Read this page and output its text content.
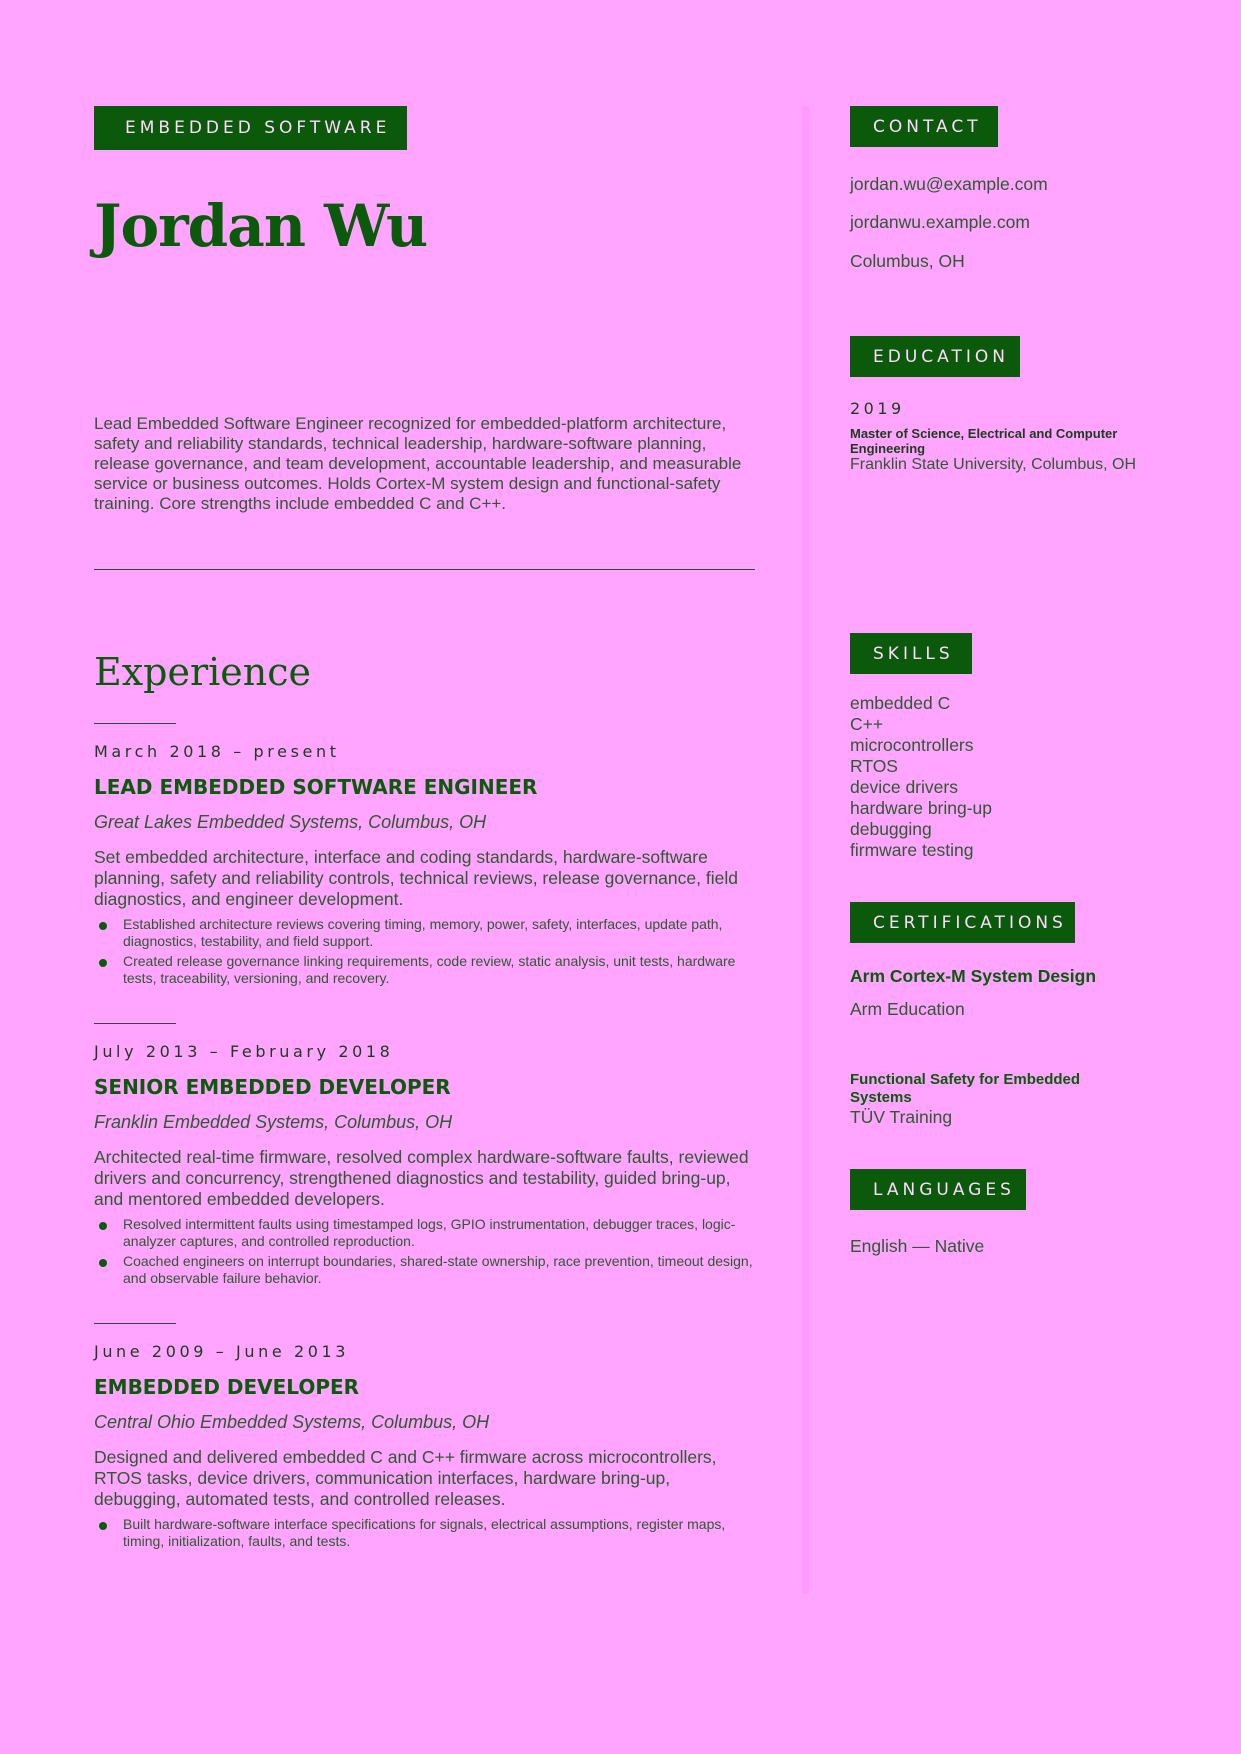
EMBEDDED SOFTWARE
Jordan Wu

Lead Embedded Software Engineer recognized for embedded-platform architecture, safety and reliability standards, technical leadership, hardware-software planning, release governance, and team development, accountable leadership, and measurable service or business outcomes. Holds Cortex-M system design and functional-safety training. Core strengths include embedded C and C++.

Experience

March 2018 – present

LEAD EMBEDDED SOFTWARE ENGINEER

Great Lakes Embedded Systems, Columbus, OH

Set embedded architecture, interface and coding standards, hardware-software planning, safety and reliability controls, technical reviews, release governance, field diagnostics, and engineer development.

Established architecture reviews covering timing, memory, power, safety, interfaces, update path, diagnostics, testability, and field support.
Created release governance linking requirements, code review, static analysis, unit tests, hardware tests, traceability, versioning, and recovery.

July 2013 – February 2018

SENIOR EMBEDDED DEVELOPER

Franklin Embedded Systems, Columbus, OH

Architected real-time firmware, resolved complex hardware-software faults, reviewed drivers and concurrency, strengthened diagnostics and testability, guided bring-up, and mentored embedded developers.

Resolved intermittent faults using timestamped logs, GPIO instrumentation, debugger traces, logic-analyzer captures, and controlled reproduction.
Coached engineers on interrupt boundaries, shared-state ownership, race prevention, timeout design, and observable failure behavior.

June 2009 – June 2013

EMBEDDED DEVELOPER

Central Ohio Embedded Systems, Columbus, OH

Designed and delivered embedded C and C++ firmware across microcontrollers, RTOS tasks, device drivers, communication interfaces, hardware bring-up, debugging, automated tests, and controlled releases.

Built hardware-software interface specifications for signals, electrical assumptions, register maps, timing, initialization, faults, and tests.
CONTACT

jordan.wu@example.com

jordanwu.example.com

Columbus, OH

EDUCATION

2019

Master of Science, Electrical and Computer Engineering

Franklin State University, Columbus, OH

SKILLS
embedded C
C++
microcontrollers
RTOS
device drivers
hardware bring-up
debugging
firmware testing
CERTIFICATIONS

Arm Cortex-M System Design

Arm Education

Functional Safety for Embedded Systems

TÜV Training

LANGUAGES

English — Native
